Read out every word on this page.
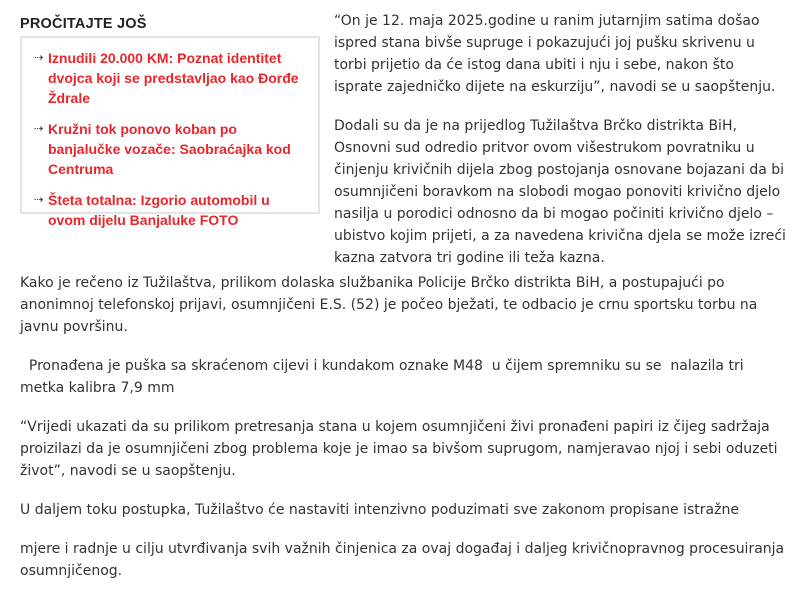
PROČITAJTE JOŠ
⇢ Iznudili 20.000 KM: Poznat identitet dvojca koji se predstavljao kao Đorđe Ždrale
⇢ Kružni tok ponovo koban po banjalučke vozače: Saobraćajka kod Centruma
⇢ Šteta totalna: Izgorio automobil u ovom dijelu Banjaluke FOTO

“On je 12. maja 2025.godine u ranim jutarnjim satima došao ispred stana bivše supruge i pokazujući joj pušku skrivenu u torbi prijetio da će istog dana ubiti i nju i sebe, nakon što isprate zajedničko dijete na eskurziju”, navodi se u saopštenju.

Dodali su da je na prijedlog Tužilaštva Brčko distrikta BiH, Osnovni sud odredio pritvor ovom višestrukom povratniku u činjenju krivičnih dijela zbog postojanja osnovane bojazani da bi osumnjičeni boravkom na slobodi mogao ponoviti krivično djelo nasilja u porodici odnosno da bi mogao počiniti krivično djelo – ubistvo kojim prijeti, a za navedena krivična djela se može izreći kazna zatvora tri godine ili teža kazna.

Kako je rečeno iz Tužilaštva, prilikom dolaska službanika Policije Brčko distrikta BiH, a postupajući po anonimnoj telefonskoj prijavi, osumnjičeni E.S. (52) je počeo bježati, te odbacio je crnu sportsku torbu na javnu površinu.

Pronađena je puška sa skraćenom cijevi i kundakom oznake M48  u čijem spremniku su se  nalazila tri metka kalibra 7,9 mm

“Vrijedi ukazati da su prilikom pretresanja stana u kojem osumnjičeni živi pronađeni papiri iz čijeg sadržaja proizilazi da je osumnjičeni zbog problema koje je imao sa bivšom suprugom, namjeravao njoj i sebi oduzeti život”, navodi se u saopštenju.

U daljem toku postupka, Tužilaštvo će nastaviti intenzivno poduzimati sve zakonom propisane istražne

mjere i radnje u cilju utvrđivanja svih važnih činjenica za ovaj događaj i daljeg krivičnopravnog procesuiranja osumnjičenog.
